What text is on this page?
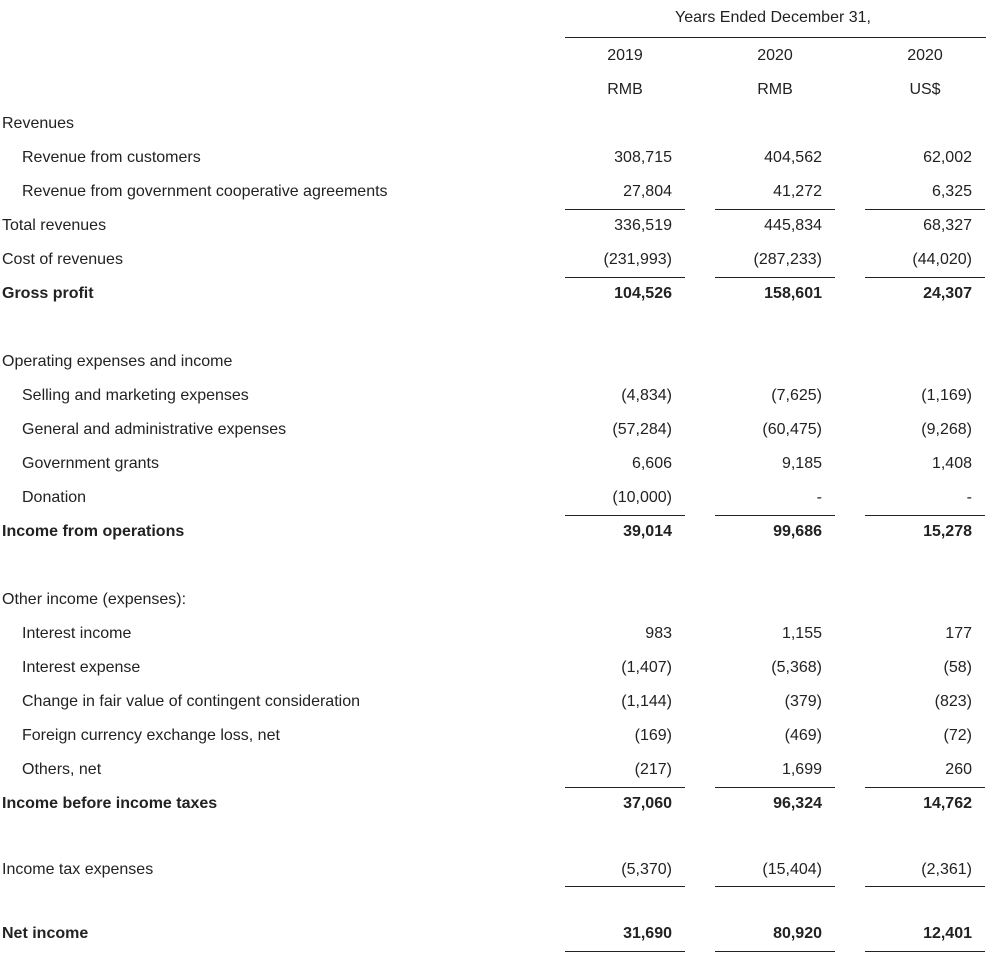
Years Ended December 31,
2019	2020	2020
RMB	RMB	US$
Revenues
Revenue from customers	308,715	404,562	62,002
Revenue from government cooperative agreements	27,804	41,272	6,325
Total revenues	336,519	445,834	68,327
Cost of revenues	(231,993)	(287,233)	(44,020)
Gross profit	104,526	158,601	24,307
Operating expenses and income
Selling and marketing expenses	(4,834)	(7,625)	(1,169)
General and administrative expenses	(57,284)	(60,475)	(9,268)
Government grants	6,606	9,185	1,408
Donation	(10,000)	-	-
Income from operations	39,014	99,686	15,278
Other income (expenses):
Interest income	983	1,155	177
Interest expense	(1,407)	(5,368)	(58)
Change in fair value of contingent consideration	(1,144)	(379)	(823)
Foreign currency exchange loss, net	(169)	(469)	(72)
Others, net	(217)	1,699	260
Income before income taxes	37,060	96,324	14,762
Income tax expenses	(5,370)	(15,404)	(2,361)
Net income	31,690	80,920	12,401
